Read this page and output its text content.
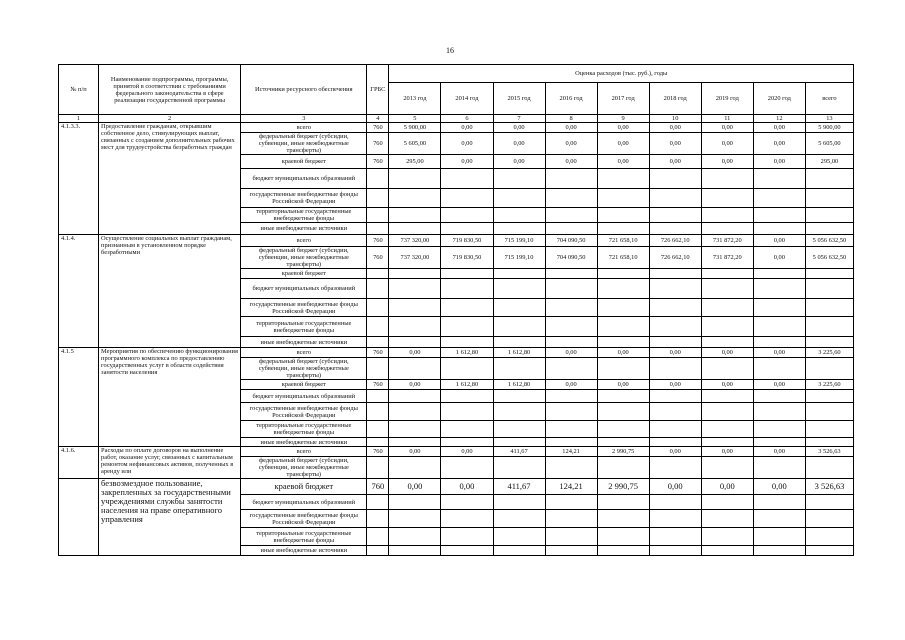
16
№ п/п	Наименование подпрограммы, программы, принятой в соответствии с требованиями федерального законодательства в сфере реализации государственной программы	Источники ресурсного обеспечения	ГРБС	Оценка расходов (тыс. руб.), годы								
				2013 год	2014 год	2015 год	2016 год	2017 год	2018 год	2019 год	2020 год	всего
1	2	3	4	5	6	7	8	9	10	11	12	13
4.1.3.3.	Предоставление гражданам, открывшим собственное дело, стимулирующих выплат, связанных с созданием дополнительных рабочих мест для трудоустройства безработных граждан	всего	760	5 900,00	0,00	0,00	0,00	0,00	0,00	0,00	0,00	5 900,00
		федеральный бюджет (субсидии, субвенции, иные межбюджетные трансферты)	760	5 605,00	0,00	0,00	0,00	0,00	0,00	0,00	0,00	5 605,00
		краевой бюджет	760	295,00	0,00	0,00	0,00	0,00	0,00	0,00	0,00	295,00
		бюджет муниципальных образований										
		государственные внебюджетные фонды Российской Федерации										
		территориальные государственные внебюджетные фонды										
		иные внебюджетные источники										
4.1.4.	Осуществление социальных выплат гражданам, признанным в установленном порядке безработными	всего	760	737 320,00	719 830,50	715 199,10	704 090,50	721 658,10	726 662,10	731 872,20	0,00	5 056 632,50
		федеральный бюджет (субсидии, субвенции, иные межбюджетные трансферты)	760	737 320,00	719 830,50	715 199,10	704 090,50	721 658,10	726 662,10	731 872,20	0,00	5 056 632,50
		краевой бюджет										
		бюджет муниципальных образований										
		государственные внебюджетные фонды Российской Федерации										
		территориальные государственные внебюджетные фонды										
		иные внебюджетные источники										
4.1.5	Мероприятия по обеспечению функционирования программного комплекса по предоставлению государственных услуг в области содействия занятости населения	всего	760	0,00	1 612,80	1 612,80	0,00	0,00	0,00	0,00	0,00	3 225,60
		федеральный бюджет (субсидии, субвенции, иные межбюджетные трансферты)										
		краевой бюджет	760	0,00	1 612,80	1 612,80	0,00	0,00	0,00	0,00	0,00	3 225,60
		бюджет муниципальных образований										
		государственные внебюджетные фонды Российской Федерации										
		территориальные государственные внебюджетные фонды										
		иные внебюджетные источники										
4.1.6.	Расходы по оплате договоров на выполнение работ, оказание услуг, связанных с капитальным ремонтом нефинансовых активов, полученных в аренду или	всего	760	0,00	0,00	411,67	124,21	2 990,75	0,00	0,00	0,00	3 526,63
		федеральный бюджет (субсидии, субвенции, иные межбюджетные трансферты)										
	безвозмездное пользование, закрепленных за государственными учреждениями службы занятости населения на праве оперативного управления	краевой бюджет	760	0,00	0,00	411,67	124,21	2 990,75	0,00	0,00	0,00	3 526,63
		бюджет муниципальных образований										
		государственные внебюджетные фонды Российской Федерации										
		территориальные государственные внебюджетные фонды										
		иные внебюджетные источники										
